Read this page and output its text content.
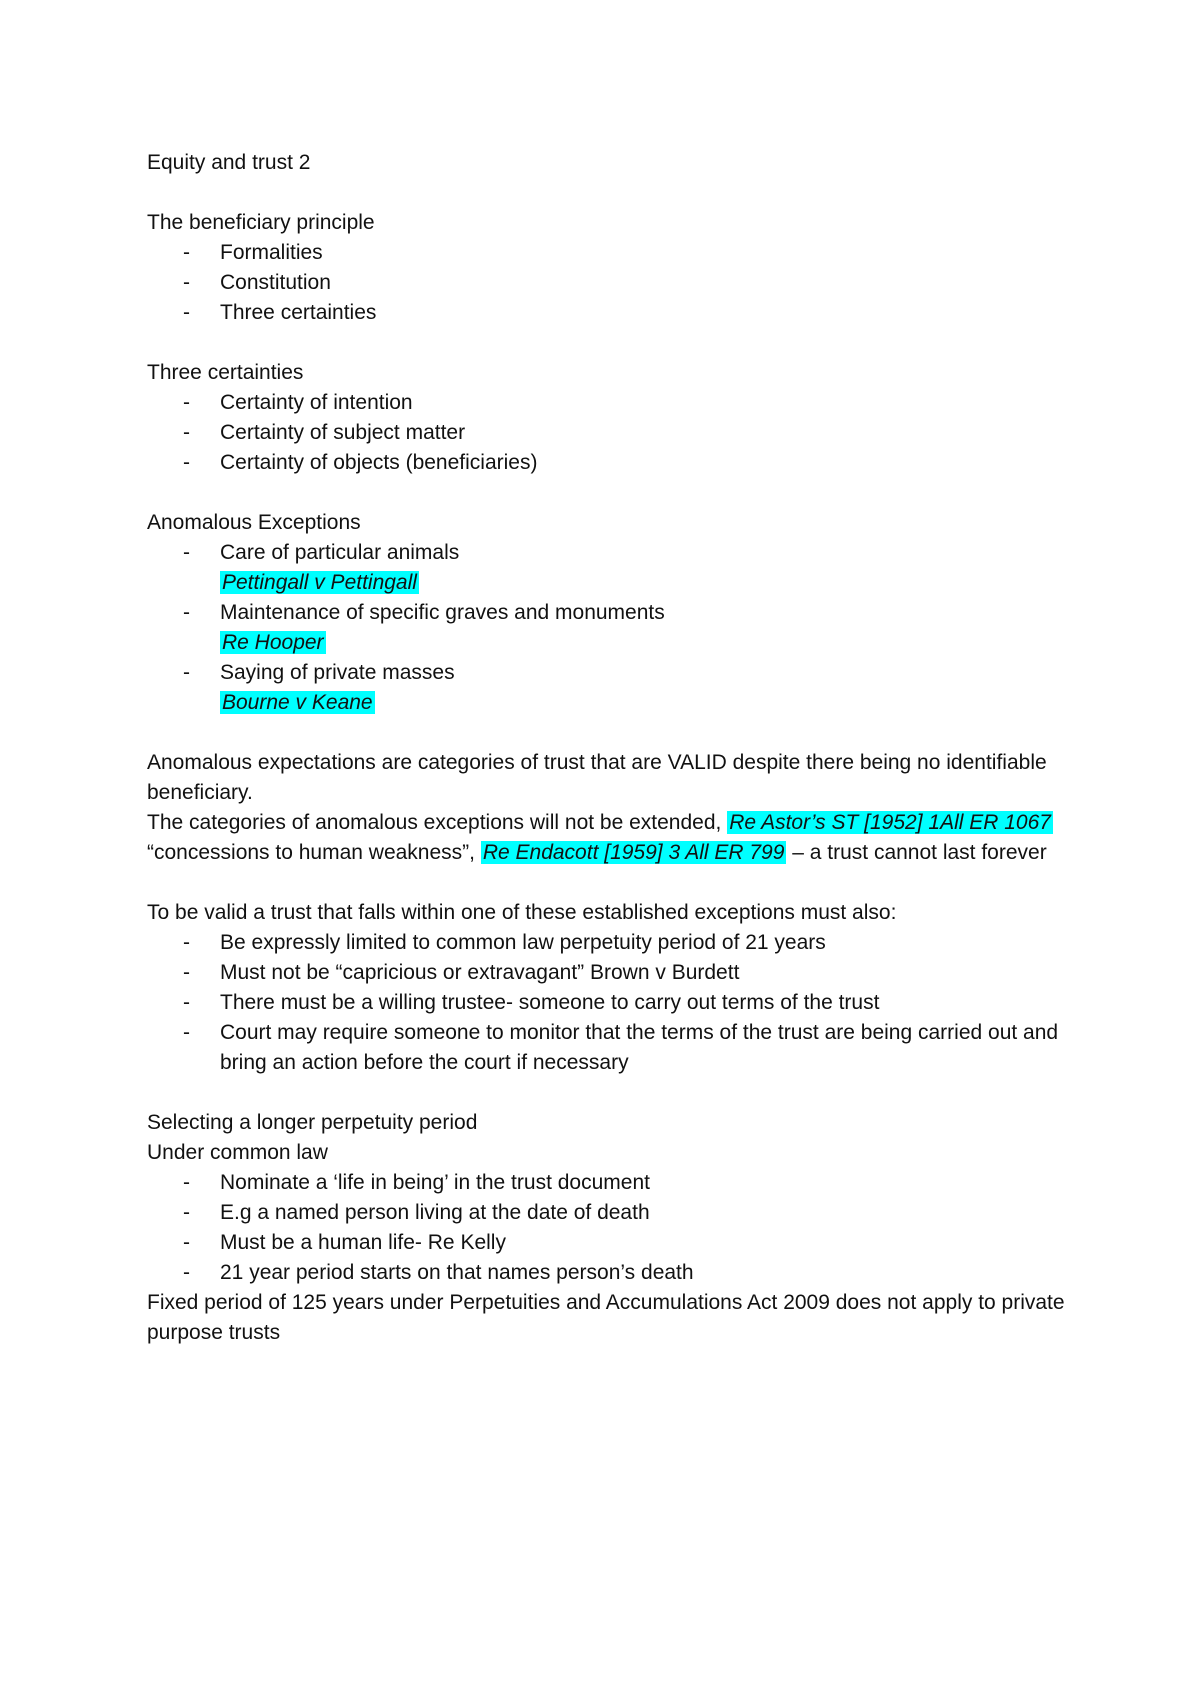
Equity and trust 2

The beneficiary principle

- Formalities
- Constitution
- Three certainties

Three certainties

- Certainty of intention
- Certainty of subject matter
- Certainty of objects (beneficiaries)

Anomalous Exceptions

- Care of particular animals
Pettingall v Pettingall
- Maintenance of specific graves and monuments
Re Hooper
- Saying of private masses
Bourne v Keane

Anomalous expectations are categories of trust that are VALID despite there being no identifiable beneficiary.

The categories of anomalous exceptions will not be extended, Re Astor’s ST [1952] 1All ER 1067

“concessions to human weakness”, Re Endacott [1959] 3 All ER 799 – a trust cannot last forever

To be valid a trust that falls within one of these established exceptions must also:

- Be expressly limited to common law perpetuity period of 21 years
- Must not be “capricious or extravagant” Brown v Burdett
- There must be a willing trustee- someone to carry out terms of the trust
- Court may require someone to monitor that the terms of the trust are being carried out and bring an action before the court if necessary

Selecting a longer perpetuity period

Under common law

- Nominate a ‘life in being’ in the trust document
- E.g a named person living at the date of death
- Must be a human life- Re Kelly
- 21 year period starts on that names person’s death

Fixed period of 125 years under Perpetuities and Accumulations Act 2009 does not apply to private purpose trusts
